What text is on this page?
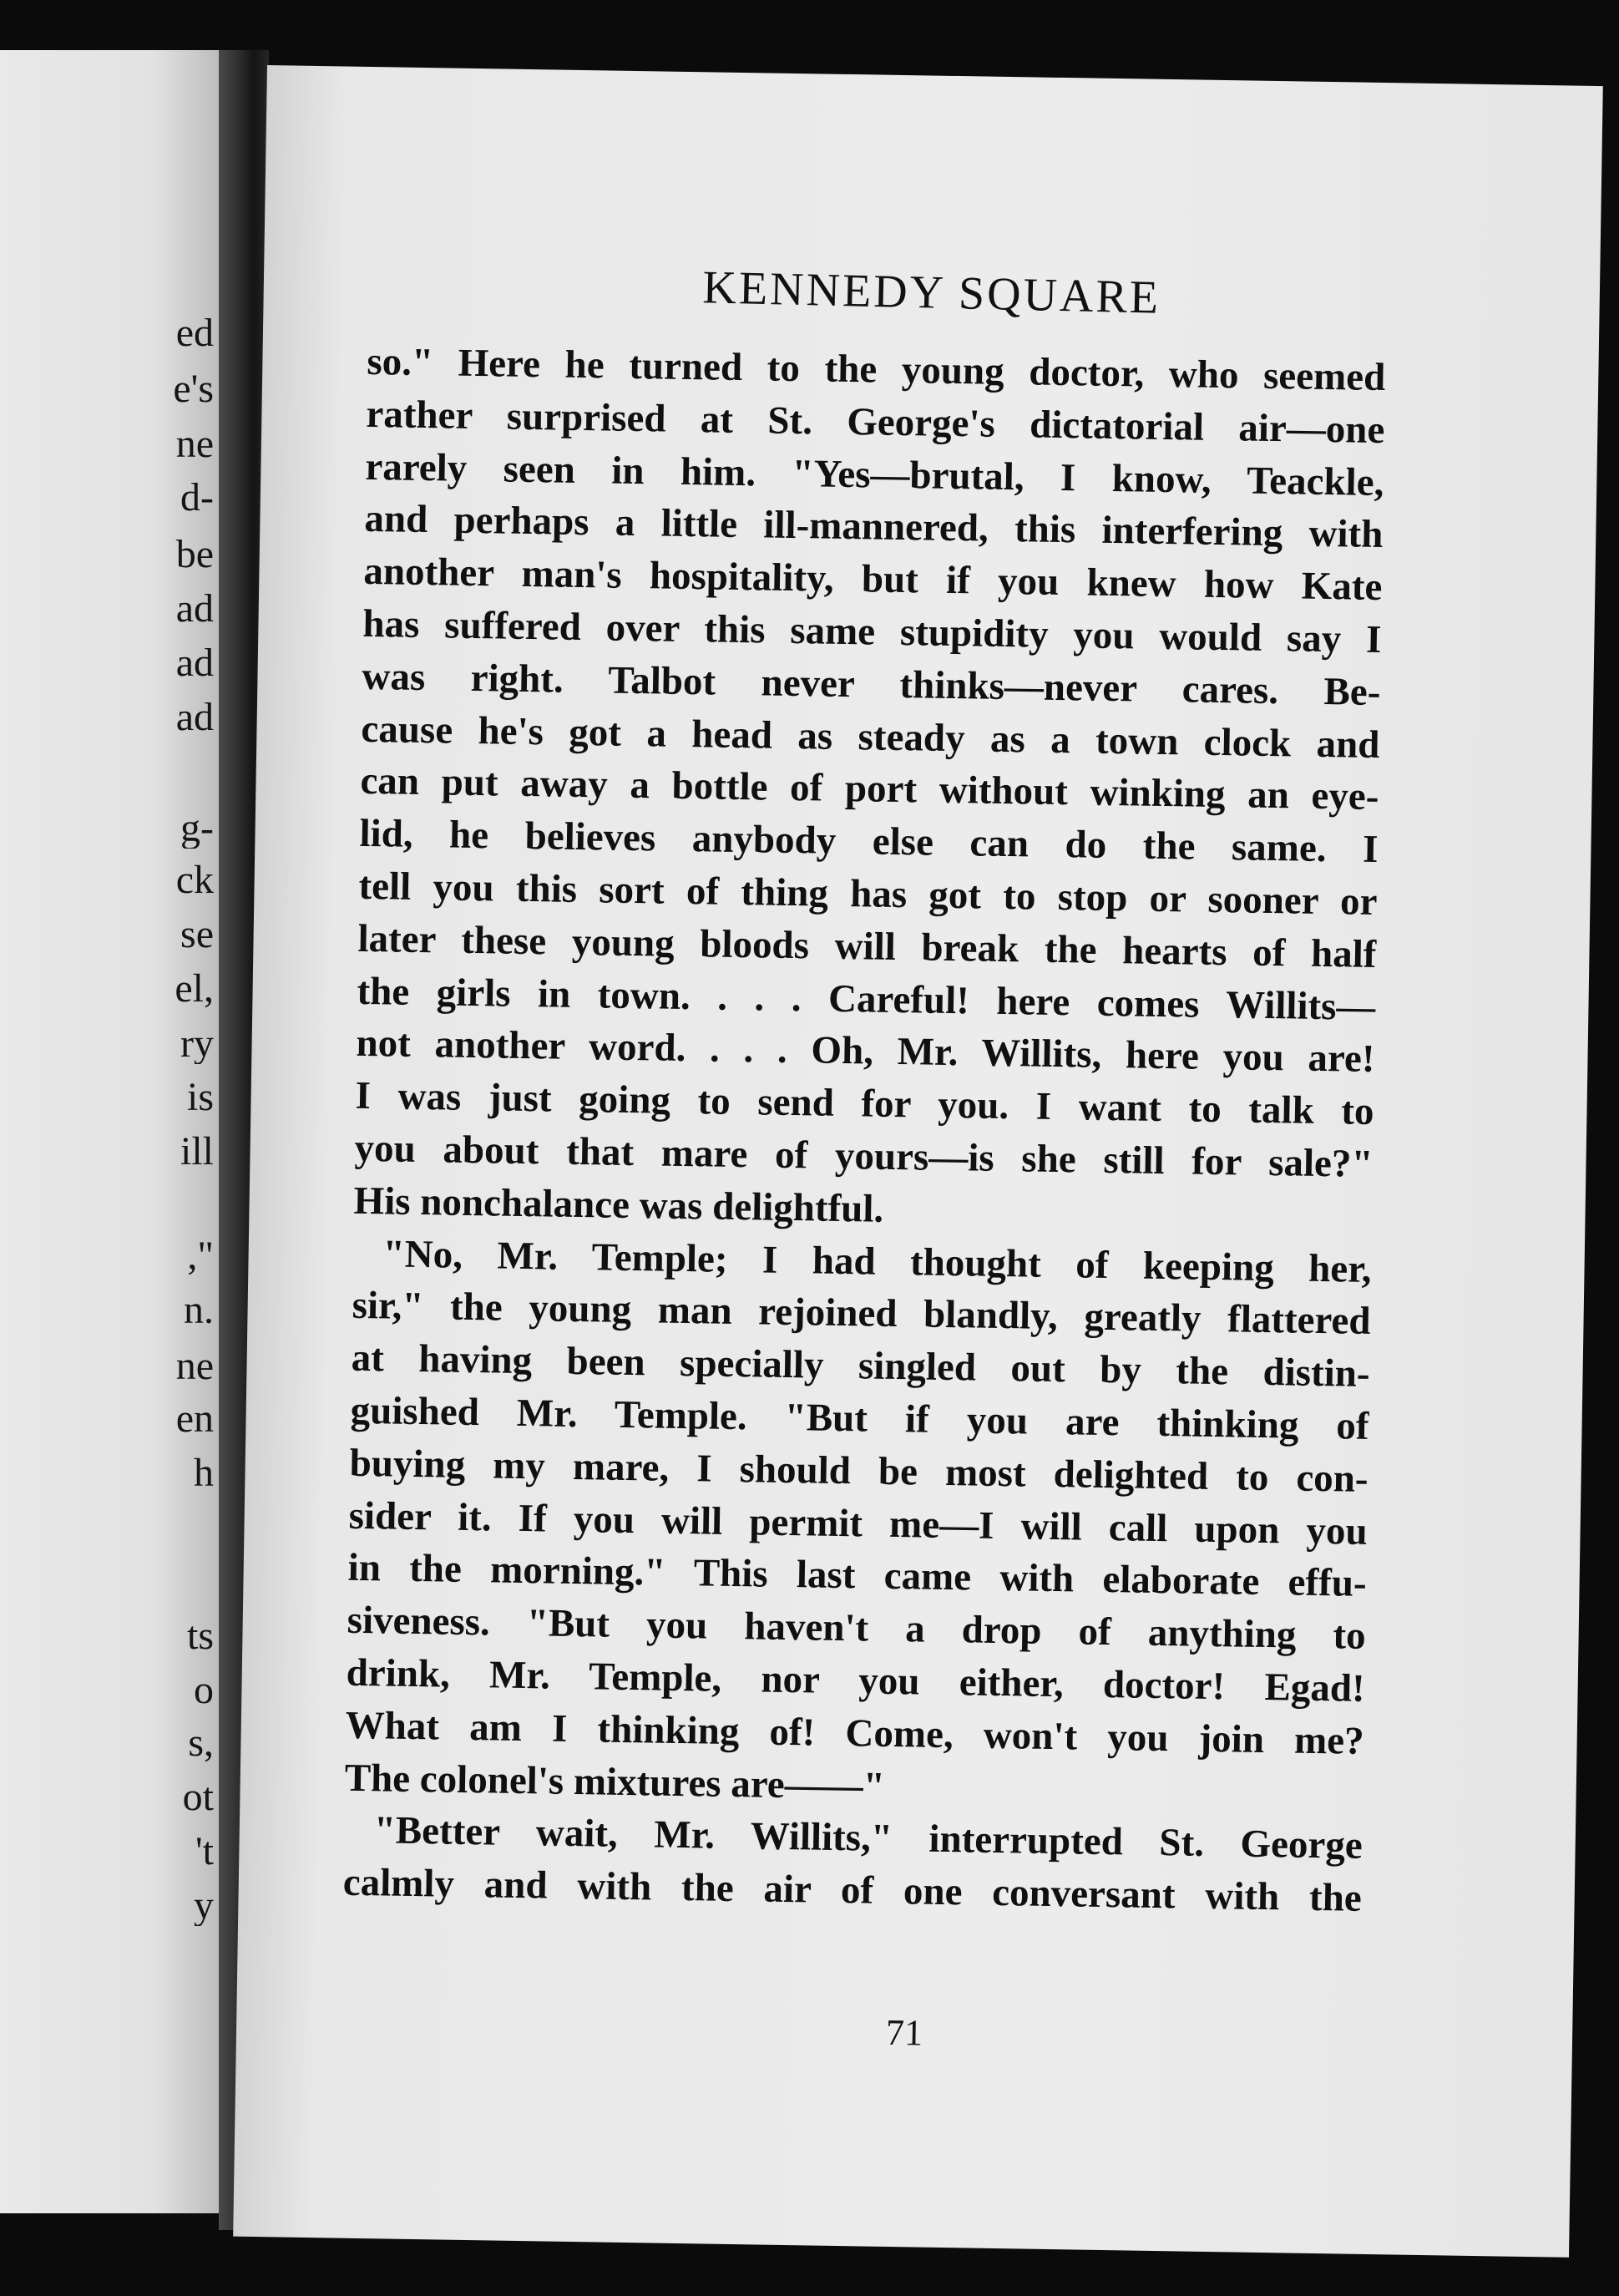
ed
e's
ne
d-
be
ad
ad
ad
g-
ck
se
el,
ry
is
ill
,"
n.
ne
en
h
ts
o
s,
ot
't
y
KENNEDY SQUARE
so." Here he turned to the young doctor, who seemed
rather surprised at St. George's dictatorial air—one
rarely seen in him. "Yes—brutal, I know, Teackle,
and perhaps a little ill-mannered, this interfering with
another man's hospitality, but if you knew how Kate
has suffered over this same stupidity you would say I
was right. Talbot never thinks—never cares. Be-
cause he's got a head as steady as a town clock and
can put away a bottle of port without winking an eye-
lid, he believes anybody else can do the same. I
tell you this sort of thing has got to stop or sooner or
later these young bloods will break the hearts of half
the girls in town. . . . Careful! here comes Willits—
not another word. . . . Oh, Mr. Willits, here you are!
I was just going to send for you. I want to talk to
you about that mare of yours—is she still for sale?"
His nonchalance was delightful.
"No, Mr. Temple; I had thought of keeping her,
sir," the young man rejoined blandly, greatly flattered
at having been specially singled out by the distin-
guished Mr. Temple. "But if you are thinking of
buying my mare, I should be most delighted to con-
sider it. If you will permit me—I will call upon you
in the morning." This last came with elaborate effu-
siveness. "But you haven't a drop of anything to
drink, Mr. Temple, nor you either, doctor! Egad!
What am I thinking of! Come, won't you join me?
The colonel's mixtures are——"
"Better wait, Mr. Willits," interrupted St. George
calmly and with the air of one conversant with the
71
